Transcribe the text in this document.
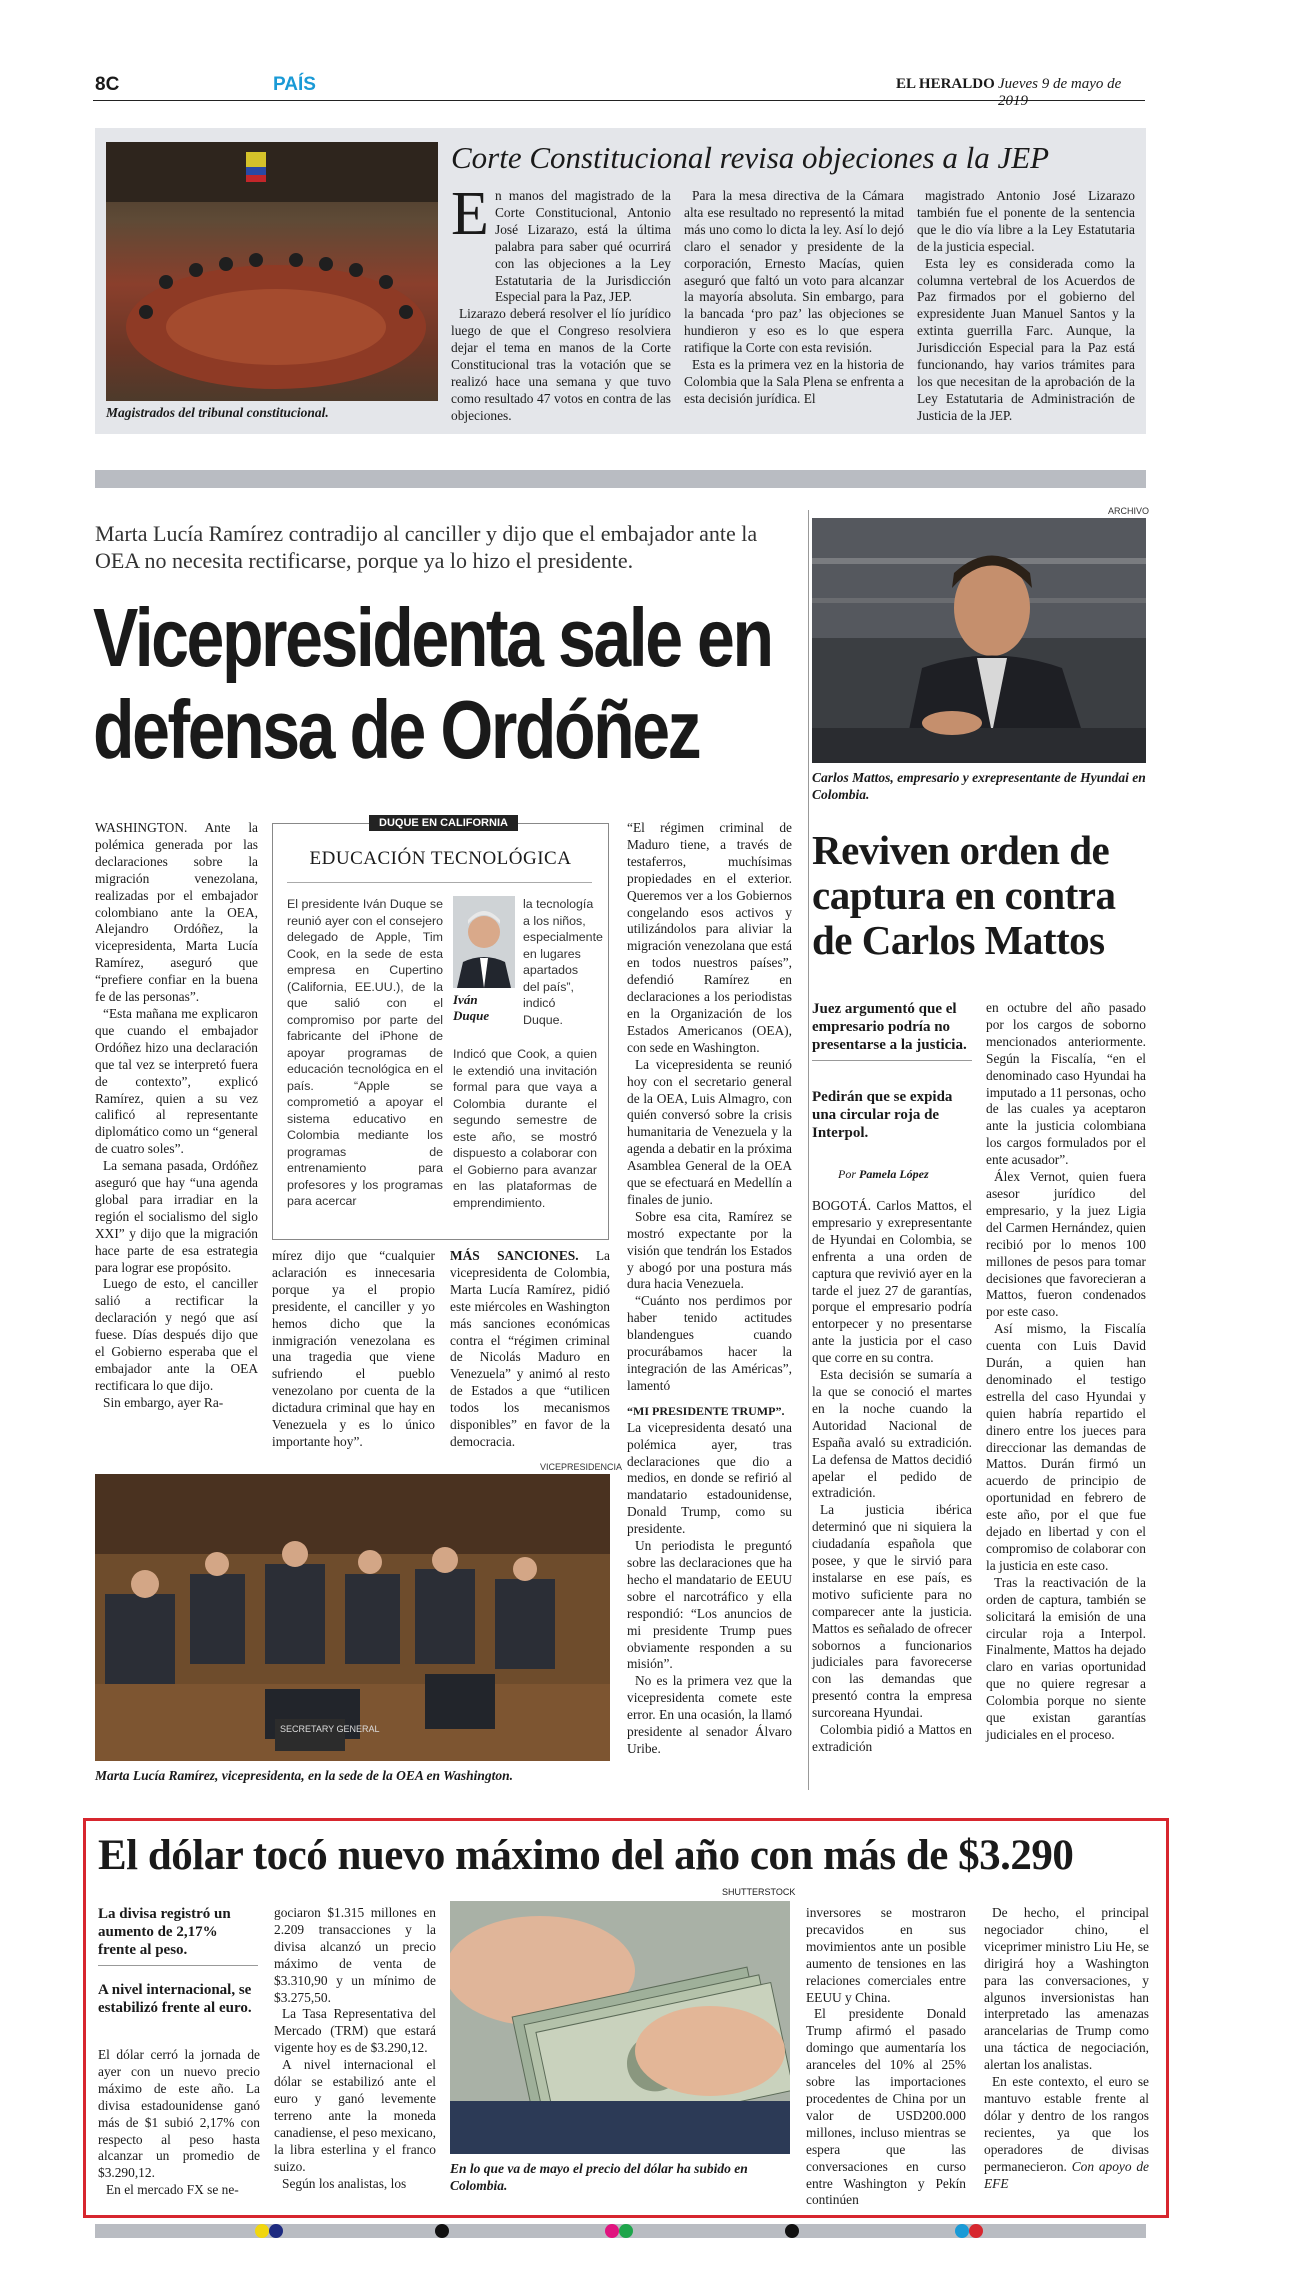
8C	PAÍS	EL HERALDO Jueves 9 de mayo de 2019
Magistrados del tribunal constitucional.
Corte Constitucional revisa objeciones a la JEP
E n manos del magistrado de la Corte Constitucional, Antonio José Lizarazo, está la última palabra para saber qué ocurrirá con las objeciones a la Ley Estatutaria de la Jurisdicción Especial para la Paz, JEP.

Lizarazo deberá resolver el lío jurídico luego de que el Congreso resolviera dejar el tema en manos de la Corte Constitucional tras la votación que se realizó hace una semana y que tuvo como resultado 47 votos en contra de las objeciones.

Para la mesa directiva de la Cámara alta ese resultado no representó la mitad más uno como lo dicta la ley. Así lo dejó claro el senador y presidente de la corporación, Ernesto Macías, quien aseguró que faltó un voto para alcanzar la mayoría absoluta. Sin embargo, para la bancada ‘pro paz’ las objeciones se hundieron y eso es lo que espera ratifique la Corte con esta revisión.

Esta es la primera vez en la historia de Colombia que la Sala Plena se enfrenta a esta decisión jurídica. El

magistrado Antonio José Lizarazo también fue el ponente de la sentencia que le dio vía libre a la Ley Estatutaria de la justicia especial.

Esta ley es considerada como la columna vertebral de los Acuerdos de Paz firmados por el gobierno del expresidente Juan Manuel Santos y la extinta guerrilla Farc. Aunque, la Jurisdicción Especial para la Paz está funcionando, hay varios trámites para los que necesitan de la aprobación de la Ley Estatutaria de Administración de Justicia de la JEP.

Marta Lucía Ramírez contradijo al canciller y dijo que el embajador ante la OEA no necesita rectificarse, porque ya lo hizo el presidente.
Vicepresidenta sale en
defensa de Ordóñez

WASHINGTON. Ante la polémica generada por las declaraciones sobre la migración venezolana, realizadas por el embajador colombiano ante la OEA, Alejandro Ordóñez, la vicepresidenta, Marta Lucía Ramírez, aseguró que “prefiere confiar en la buena fe de las personas”.

“Esta mañana me explicaron que cuando el embajador Ordóñez hizo una declaración que tal vez se interpretó fuera de contexto”, explicó Ramírez, quien a su vez calificó al representante diplomático como un “general de cuatro soles”.

La semana pasada, Ordóñez aseguró que hay “una agenda global para irradiar en la región el socialismo del siglo XXI” y dijo que la migración hace parte de esa estrategia para lograr ese propósito.

Luego de esto, el canciller salió a rectificar la declaración y negó que así fuese. Días después dijo que el Gobierno esperaba que el embajador ante la OEA rectificara lo que dijo.

Sin embargo, ayer Ra-

DUQUE EN CALIFORNIA
EDUCACIÓN TECNOLÓGICA
El presidente Iván Duque se reunió ayer con el consejero delegado de Apple, Tim Cook, en la sede de esta empresa en Cupertino (California, EE.UU.), de la que salió con el compromiso por parte del fabricante del iPhone de apoyar programas de educación tecnológica en el país. “Apple se comprometió a apoyar el sistema educativo en Colombia mediante los programas de entrenamiento para profesores y los programas para acercar
la tecnología a los niños, especialmente en lugares apartados del país”, indicó Duque.
Iván
Duque
Indicó que Cook, a quien le extendió una invitación formal para que vaya a Colombia durante el segundo semestre de este año, se mostró dispuesto a colaborar con el Gobierno para avanzar en las plataformas de emprendimiento.

mírez dijo que “cualquier aclaración es innecesaria porque ya el propio presidente, el canciller y yo hemos dicho que la inmigración venezolana es una tragedia que viene sufriendo el pueblo venezolano por cuenta de la dictadura criminal que hay en Venezuela y es lo único importante hoy”.

MÁS SANCIONES. La vicepresidenta de Colombia, Marta Lucía Ramírez, pidió este miércoles en Washington más sanciones económicas contra el “régimen criminal de Nicolás Maduro en Venezuela” y animó al resto de Estados a que “utilicen todos los mecanismos disponibles” en favor de la democracia.

“El régimen criminal de Maduro tiene, a través de testaferros, muchísimas propiedades en el exterior. Queremos ver a los Gobiernos congelando esos activos y utilizándolos para aliviar la migración venezolana que está en todos nuestros países”, defendió Ramírez en declaraciones a los periodistas en la Organización de los Estados Americanos (OEA), con sede en Washington.

La vicepresidenta se reunió hoy con el secretario general de la OEA, Luis Almagro, con quién conversó sobre la crisis humanitaria de Venezuela y la agenda a debatir en la próxima Asamblea General de la OEA que se efectuará en Medellín a finales de junio.

Sobre esa cita, Ramírez se mostró expectante por la visión que tendrán los Estados y abogó por una postura más dura hacia Venezuela.

“Cuánto nos perdimos por haber tenido actitudes blandengues cuando procurábamos hacer la integración de las Américas”, lamentó

“MI PRESIDENTE TRUMP”.

La vicepresidenta desató una polémica ayer, tras declaraciones que dio a medios, en donde se refirió al mandatario estadounidense, Donald Trump, como su presidente.

Un periodista le preguntó sobre las declaraciones que ha hecho el mandatario de EEUU sobre el narcotráfico y ella respondió: “Los anuncios de mi presidente Trump pues obviamente responden a su misión”.

No es la primera vez que la vicepresidenta comete este error. En una ocasión, la llamó presidente al senador Álvaro Uribe.

VICEPRESIDENCIA
SECRETARY GENERAL
Marta Lucía Ramírez, vicepresidenta, en la sede de la OEA en Washington.
ARCHIVO
Carlos Mattos, empresario y exrepresentante de Hyundai en Colombia.
Reviven orden de
captura en contra
de Carlos Mattos
Juez argumentó que el empresario podría no presentarse a la justicia.
Pedirán que se expida una circular roja de Interpol.
Por Pamela López

BOGOTÁ. Carlos Mattos, el empresario y exrepresentante de Hyundai en Colombia, se enfrenta a una orden de captura que revivió ayer en la tarde el juez 27 de garantías, porque el empresario podría entorpecer y no presentarse ante la justicia por el caso que corre en su contra.

Esta decisión se sumaría a la que se conoció el martes en la noche cuando la Autoridad Nacional de España avaló su extradición. La defensa de Mattos decidió apelar el pedido de extradición.

La justicia ibérica determinó que ni siquiera la ciudadanía española que posee, y que le sirvió para instalarse en ese país, es motivo suficiente para no comparecer ante la justicia. Mattos es señalado de ofrecer sobornos a funcionarios judiciales para favorecerse con las demandas que presentó contra la empresa surcoreana Hyundai.

Colombia pidió a Mattos en extradición

en octubre del año pasado por los cargos de soborno mencionados anteriormente. Según la Fiscalía, “en el denominado caso Hyundai ha imputado a 11 personas, ocho de las cuales ya aceptaron ante la justicia colombiana los cargos formulados por el ente acusador”.

Álex Vernot, quien fuera asesor jurídico del empresario, y la juez Ligia del Carmen Hernández, quien recibió por lo menos 100 millones de pesos para tomar decisiones que favorecieran a Mattos, fueron condenados por este caso.

Así mismo, la Fiscalía cuenta con Luis David Durán, a quien han denominado el testigo estrella del caso Hyundai y quien habría repartido el dinero entre los jueces para direccionar las demandas de Mattos. Durán firmó un acuerdo de principio de oportunidad en febrero de este año, por el que fue dejado en libertad y con el compromiso de colaborar con la justicia en este caso.

Tras la reactivación de la orden de captura, también se solicitará la emisión de una circular roja a Interpol. Finalmente, Mattos ha dejado claro en varias oportunidad que no quiere regresar a Colombia porque no siente que existan garantías judiciales en el proceso.

El dólar tocó nuevo máximo del año con más de $3.290
SHUTTERSTOCK
La divisa registró un aumento de 2,17% frente al peso.
A nivel internacional, se estabilizó frente al euro.

El dólar cerró la jornada de ayer con un nuevo precio máximo de este año. La divisa estadounidense ganó más de $1 subió 2,17% con respecto al peso hasta alcanzar un promedio de $3.290,12.

En el mercado FX se ne-

gociaron $1.315 millones en 2.209 transacciones y la divisa alcanzó un precio máximo de venta de $3.310,90 y un mínimo de $3.275,50.

La Tasa Representativa del Mercado (TRM) que estará vigente hoy es de $3.290,12.

A nivel internacional el dólar se estabilizó ante el euro y ganó levemente terreno ante la moneda canadiense, el peso mexicano, la libra esterlina y el franco suizo.

Según los analistas, los

En lo que va de mayo el precio del dólar ha subido en Colombia.

inversores se mostraron precavidos en sus movimientos ante un posible aumento de tensiones en las relaciones comerciales entre EEUU y China.

El presidente Donald Trump afirmó el pasado domingo que aumentaría los aranceles del 10% al 25% sobre las importaciones procedentes de China por un valor de USD200.000 millones, incluso mientras se espera que las conversaciones en curso entre Washington y Pekín continúen

De hecho, el principal negociador chino, el viceprimer ministro Liu He, se dirigirá hoy a Washington para las conversaciones, y algunos inversionistas han interpretado las amenazas arancelarias de Trump como una táctica de negociación, alertan los analistas.

En este contexto, el euro se mantuvo estable frente al dólar y dentro de los rangos recientes, ya que los operadores de divisas permanecieron. Con apoyo de EFE
